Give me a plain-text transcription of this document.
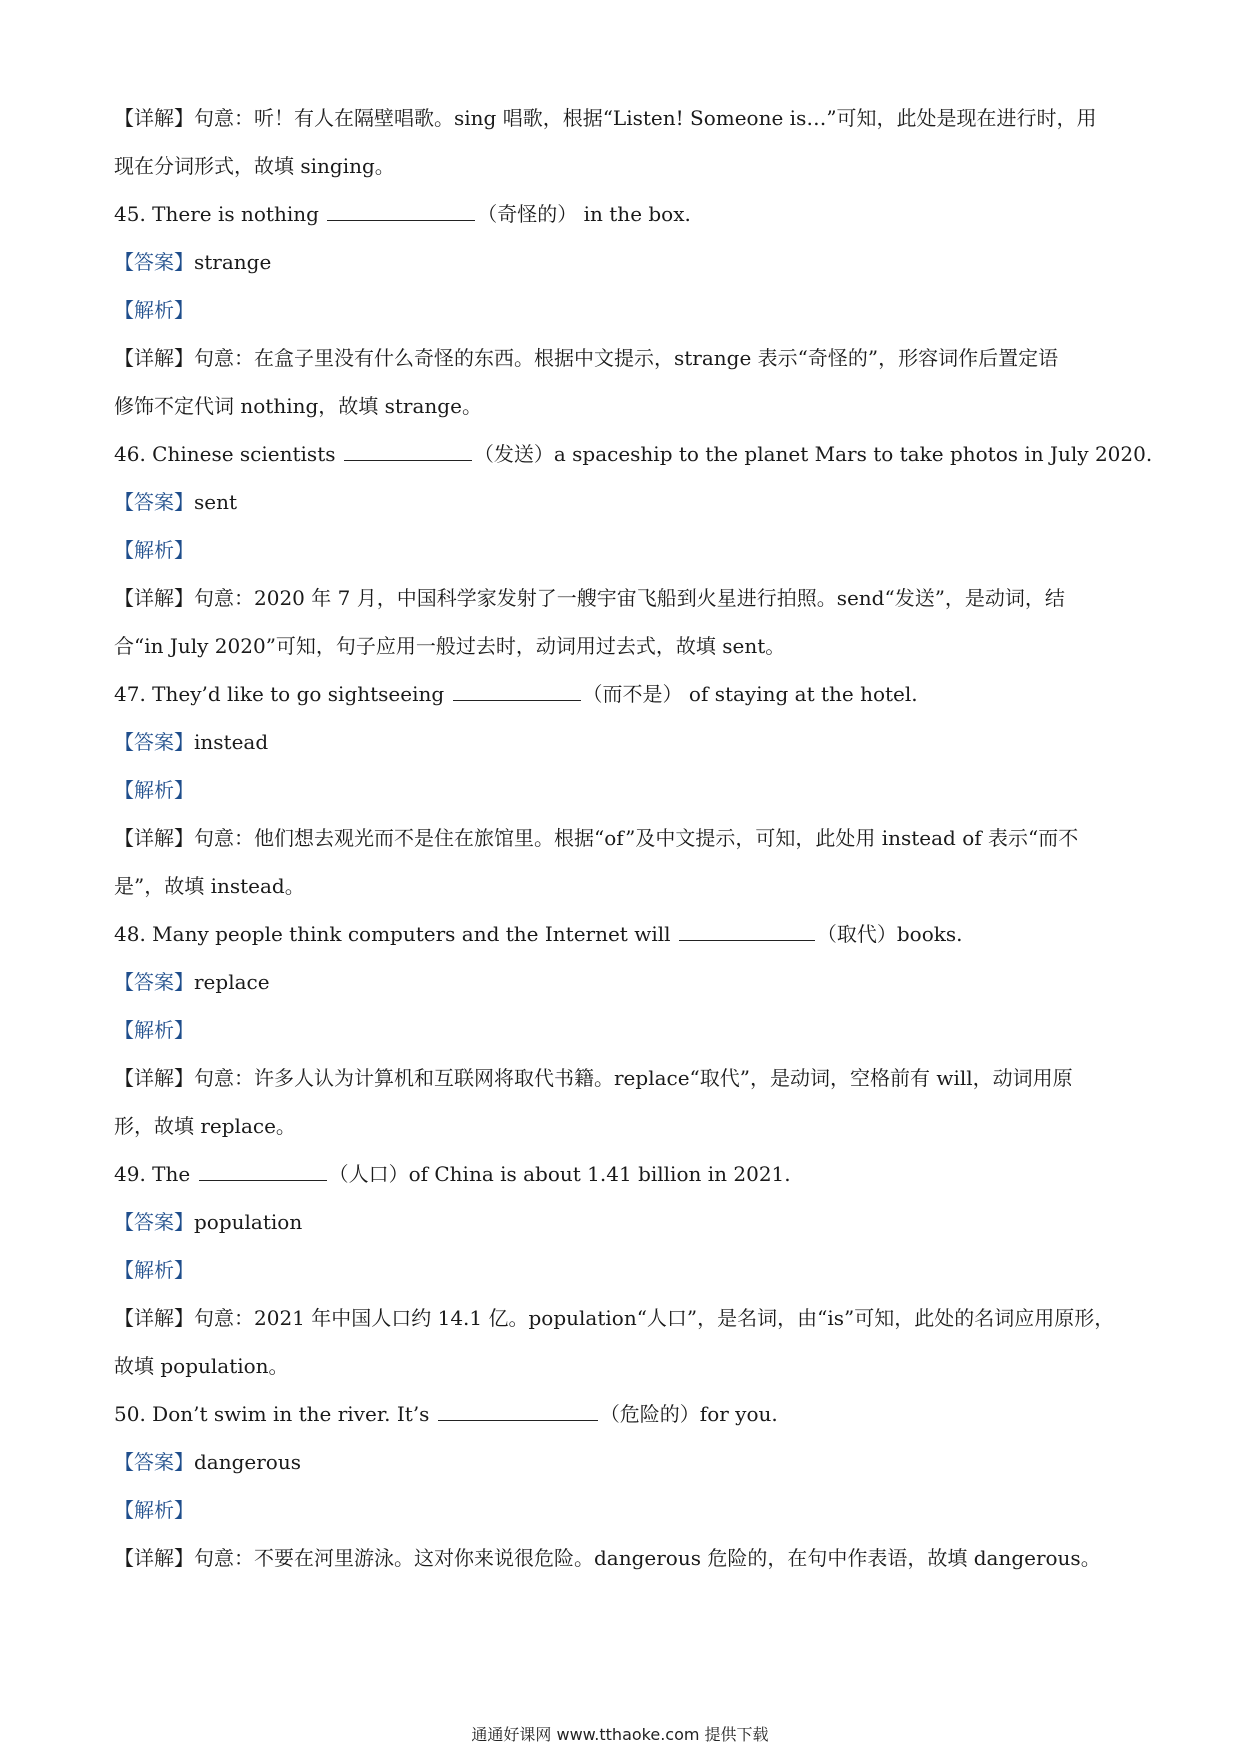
【详解】句意：听！有人在隔壁唱歌。sing 唱歌，根据“Listen! Someone is…”可知，此处是现在进行时，用
现在分词形式，故填 singing。
45. There is nothing	（奇怪的） in the box.
【答案】strange
【解析】
【详解】句意：在盒子里没有什么奇怪的东西。根据中文提示，strange 表示“奇怪的”，形容词作后置定语
修饰不定代词 nothing，故填 strange。
46. Chinese scientists	（发送）a spaceship to the planet Mars to take photos in July 2020.
【答案】sent
【解析】
【详解】句意：2020 年 7 月，中国科学家发射了一艘宇宙飞船到火星进行拍照。send“发送”，是动词，结
合“in July 2020”可知，句子应用一般过去时，动词用过去式，故填 sent。
47. They’d like to go sightseeing	（而不是） of staying at the hotel.
【答案】instead
【解析】
【详解】句意：他们想去观光而不是住在旅馆里。根据“of”及中文提示，可知，此处用 instead of 表示“而不
是”，故填 instead。
48. Many people think computers and the Internet will	（取代）books.
【答案】replace
【解析】
【详解】句意：许多人认为计算机和互联网将取代书籍。replace“取代”，是动词，空格前有 will，动词用原
形，故填 replace。
49. The	（人口）of China is about 1.41 billion in 2021.
【答案】population
【解析】
【详解】句意：2021 年中国人口约 14.1 亿。population“人口”，是名词，由“is”可知，此处的名词应用原形，
故填 population。
50. Don’t swim in the river. It’s	（危险的）for you.
【答案】dangerous
【解析】
【详解】句意：不要在河里游泳。这对你来说很危险。dangerous 危险的，在句中作表语，故填 dangerous。
通通好课网 www.tthaoke.com 提供下载
